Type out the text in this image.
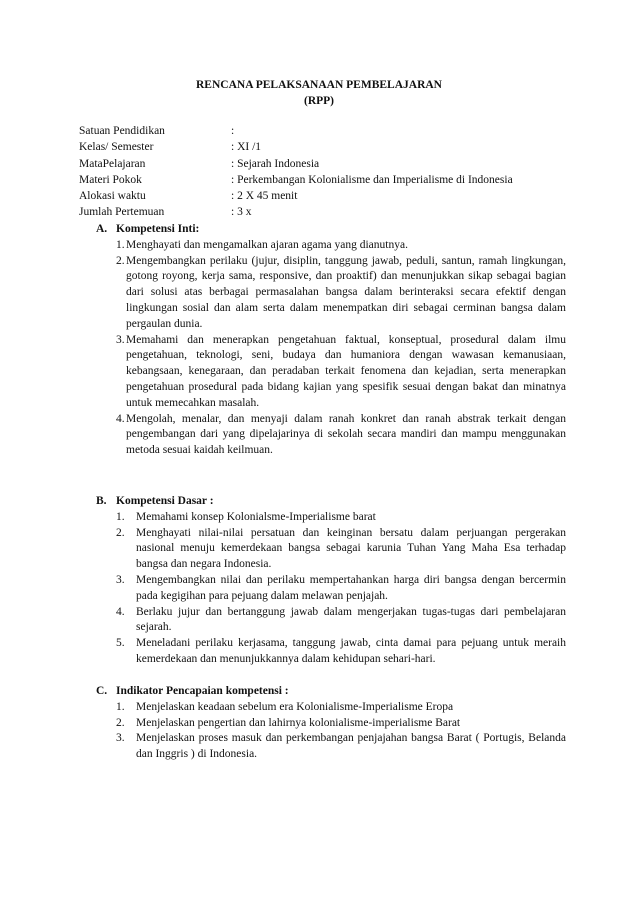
RENCANA PELAKSANAAN PEMBELAJARAN
(RPP)
Satuan Pendidikan	:
Kelas/ Semester	: XI /1
MataPelajaran	: Sejarah Indonesia
Materi Pokok	: Perkembangan Kolonialisme dan Imperialisme di Indonesia
Alokasi waktu	: 2 X 45 menit
Jumlah Pertemuan	: 3 x
A. Kompetensi Inti:
1. Menghayati dan mengamalkan ajaran agama yang dianutnya.
2. Mengembangkan perilaku (jujur, disiplin, tanggung jawab, peduli, santun, ramah lingkungan, gotong royong, kerja sama, responsive, dan proaktif) dan menunjukkan sikap sebagai bagian dari solusi atas berbagai permasalahan bangsa dalam berinteraksi secara efektif dengan lingkungan sosial dan alam serta dalam menempatkan diri sebagai cerminan bangsa dalam pergaulan dunia.
3. Memahami dan menerapkan pengetahuan faktual, konseptual, prosedural dalam ilmu pengetahuan, teknologi, seni, budaya dan humaniora dengan wawasan kemanusiaan, kebangsaan, kenegaraan, dan peradaban terkait fenomena dan kejadian, serta menerapkan pengetahuan prosedural pada bidang kajian yang spesifik sesuai dengan bakat dan minatnya untuk memecahkan masalah.
4. Mengolah, menalar, dan menyaji dalam ranah konkret dan ranah abstrak terkait dengan pengembangan dari yang dipelajarinya di sekolah secara mandiri dan mampu menggunakan metoda sesuai kaidah keilmuan.
B. Kompetensi Dasar :
1. Memahami konsep Kolonialsme-Imperialisme barat
2. Menghayati nilai-nilai persatuan dan keinginan bersatu dalam perjuangan pergerakan nasional menuju kemerdekaan bangsa sebagai karunia Tuhan Yang Maha Esa terhadap bangsa dan negara Indonesia.
3. Mengembangkan nilai dan perilaku mempertahankan harga diri bangsa dengan bercermin pada kegigihan para pejuang dalam melawan penjajah.
4. Berlaku jujur dan bertanggung jawab dalam mengerjakan tugas-tugas dari pembelajaran sejarah.
5. Meneladani perilaku kerjasama, tanggung jawab, cinta damai para pejuang untuk meraih kemerdekaan dan menunjukkannya dalam kehidupan sehari-hari.
C. Indikator Pencapaian kompetensi :
1. Menjelaskan keadaan sebelum era Kolonialisme-Imperialisme Eropa
2. Menjelaskan pengertian dan lahirnya kolonialisme-imperialisme Barat
3. Menjelaskan proses masuk dan perkembangan penjajahan bangsa Barat ( Portugis, Belanda dan Inggris ) di Indonesia.
